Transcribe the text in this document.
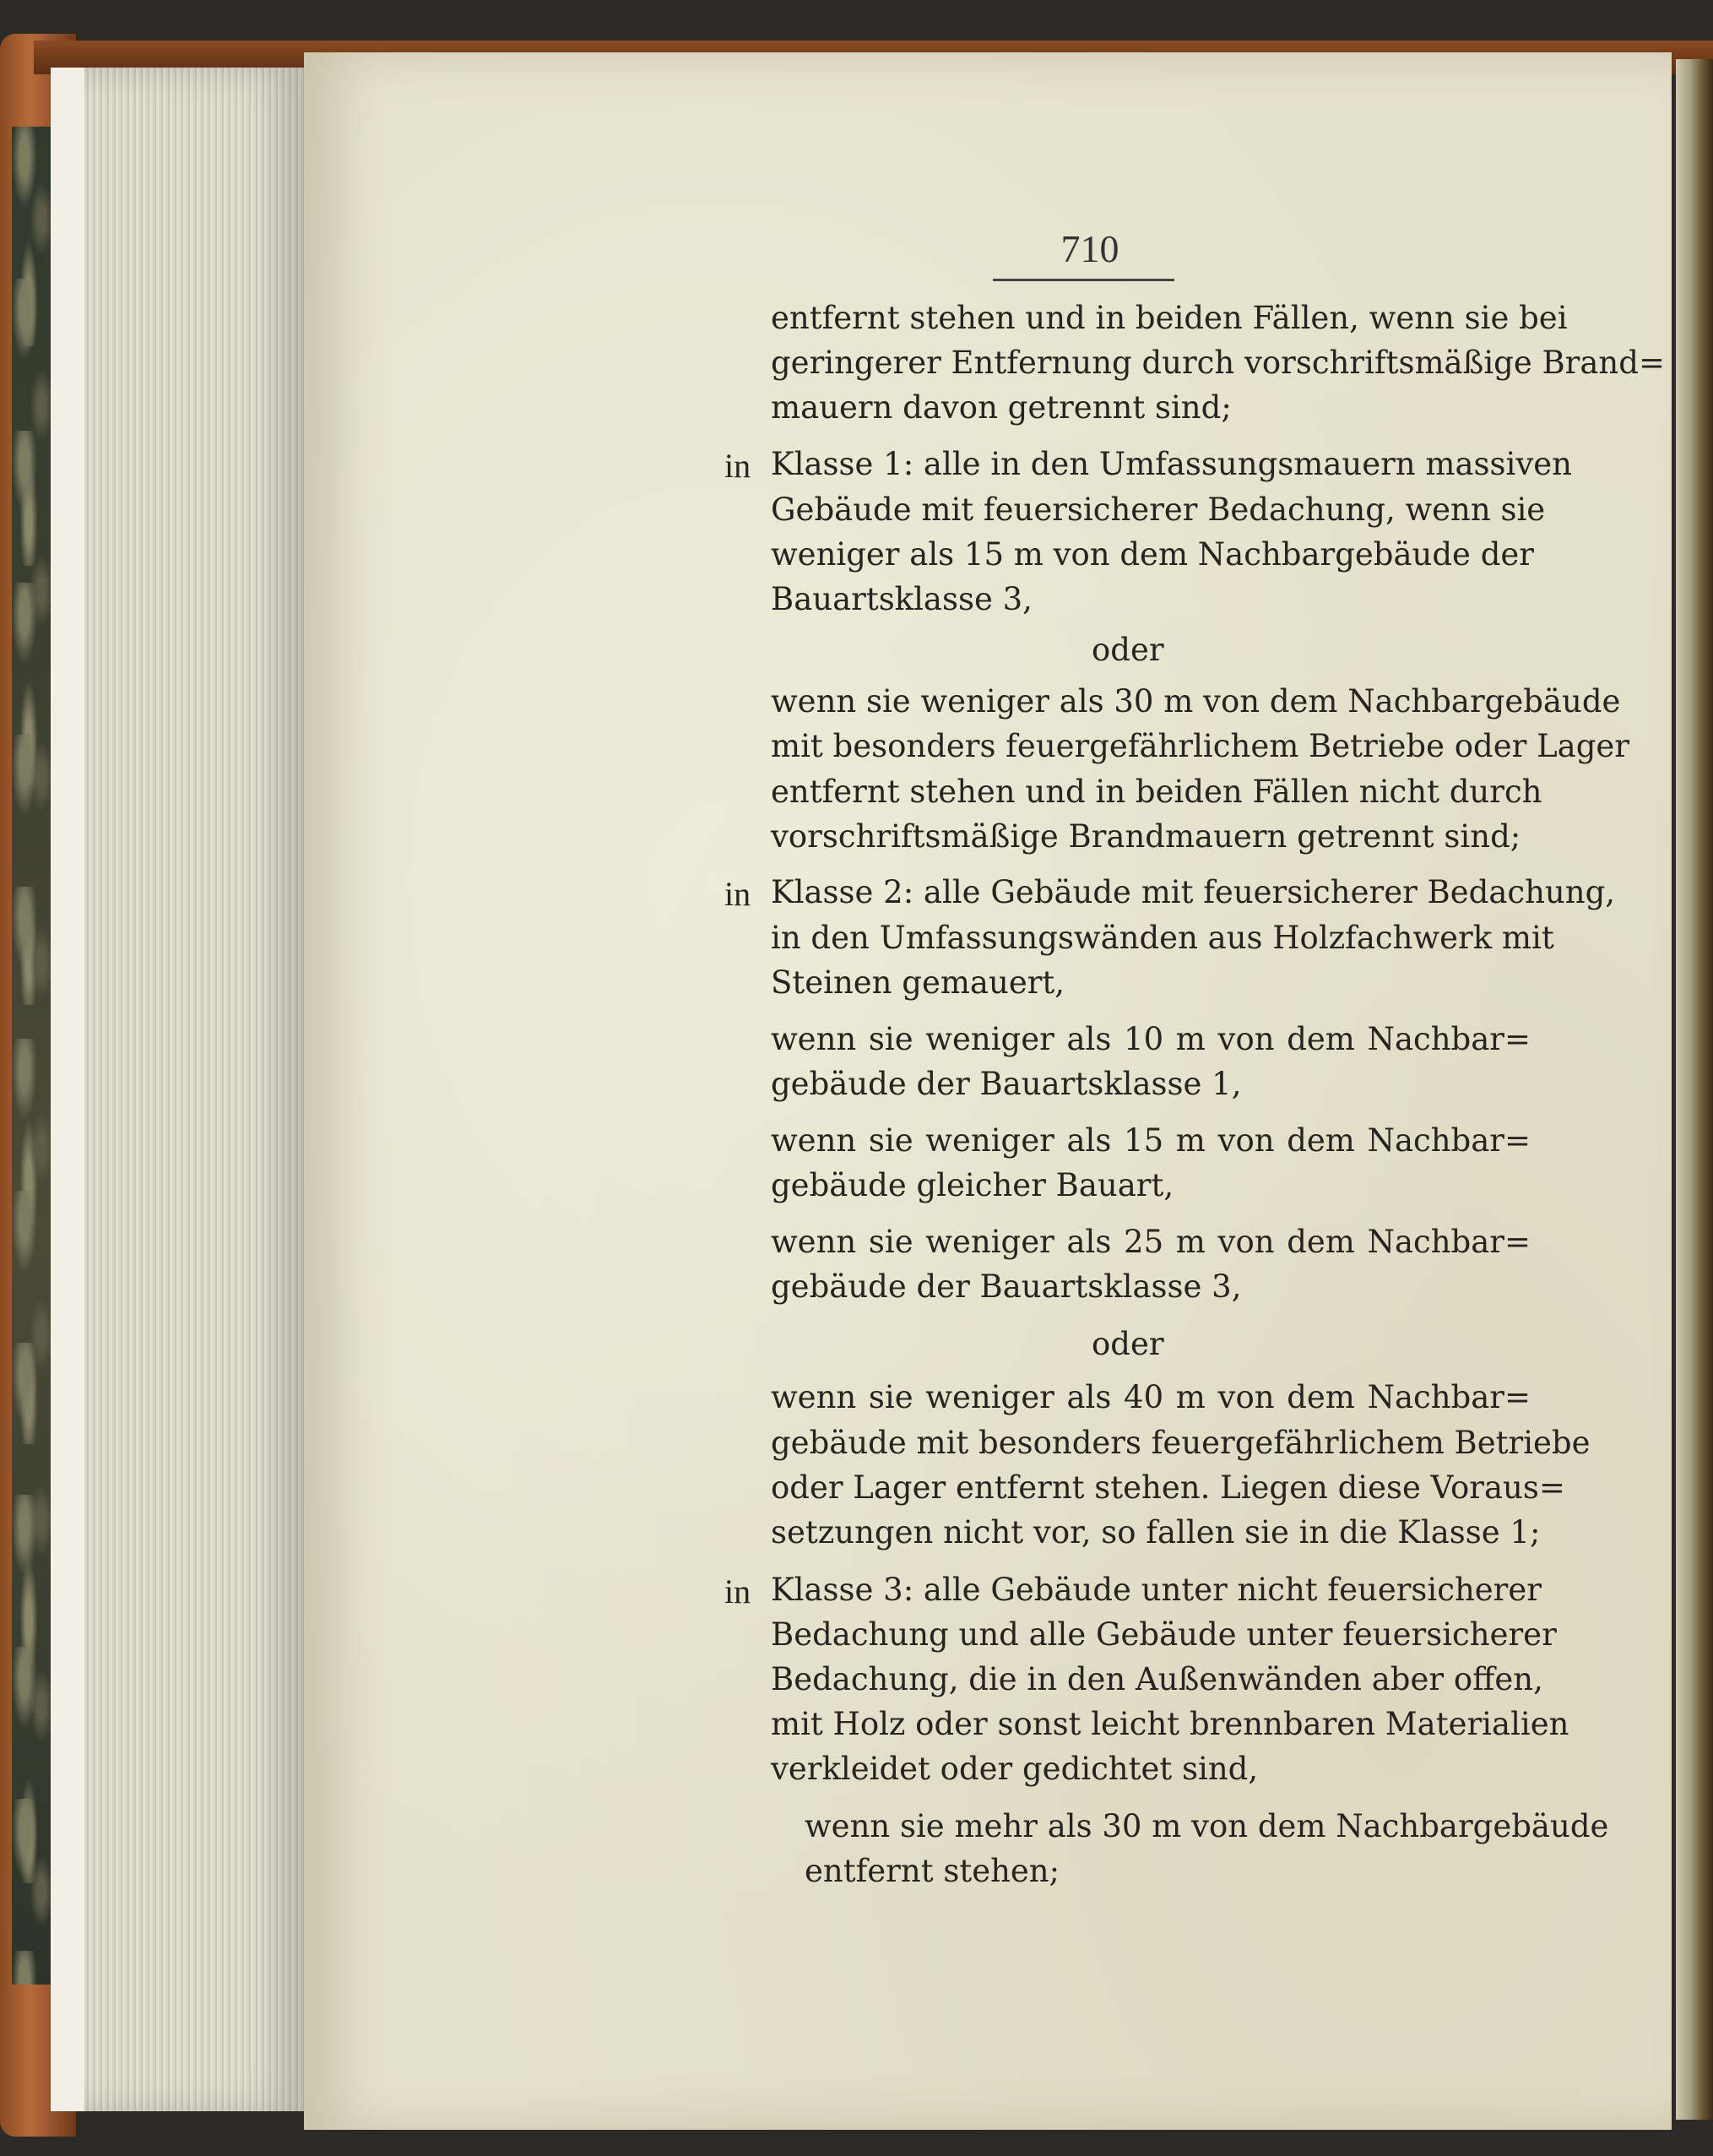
710
entfernt stehen und in beiden Fällen, wenn sie bei
geringerer Entfernung durch vorschriftsmäßige Brand=
mauern davon getrennt sind;
Klasse 1: alle in den Umfassungsmauern massiven
Gebäude mit feuersicherer Bedachung, wenn sie
weniger als 15 m von dem Nachbargebäude der
Bauartsklasse 3,
oder
wenn sie weniger als 30 m von dem Nachbargebäude
mit besonders feuergefährlichem Betriebe oder Lager
entfernt stehen und in beiden Fällen nicht durch
vorschriftsmäßige Brandmauern getrennt sind;
Klasse 2: alle Gebäude mit feuersicherer Bedachung,
in den Umfassungswänden aus Holzfachwerk mit
Steinen gemauert,
wenn sie weniger als 10 m von dem Nachbar=
gebäude der Bauartsklasse 1,
wenn sie weniger als 15 m von dem Nachbar=
gebäude gleicher Bauart,
wenn sie weniger als 25 m von dem Nachbar=
gebäude der Bauartsklasse 3,
oder
wenn sie weniger als 40 m von dem Nachbar=
gebäude mit besonders feuergefährlichem Betriebe
oder Lager entfernt stehen. Liegen diese Voraus=
setzungen nicht vor, so fallen sie in die Klasse 1;
Klasse 3: alle Gebäude unter nicht feuersicherer
Bedachung und alle Gebäude unter feuersicherer
Bedachung, die in den Außenwänden aber offen,
mit Holz oder sonst leicht brennbaren Materialien
verkleidet oder gedichtet sind,
wenn sie mehr als 30 m von dem Nachbargebäude
entfernt stehen;
in
in
in
